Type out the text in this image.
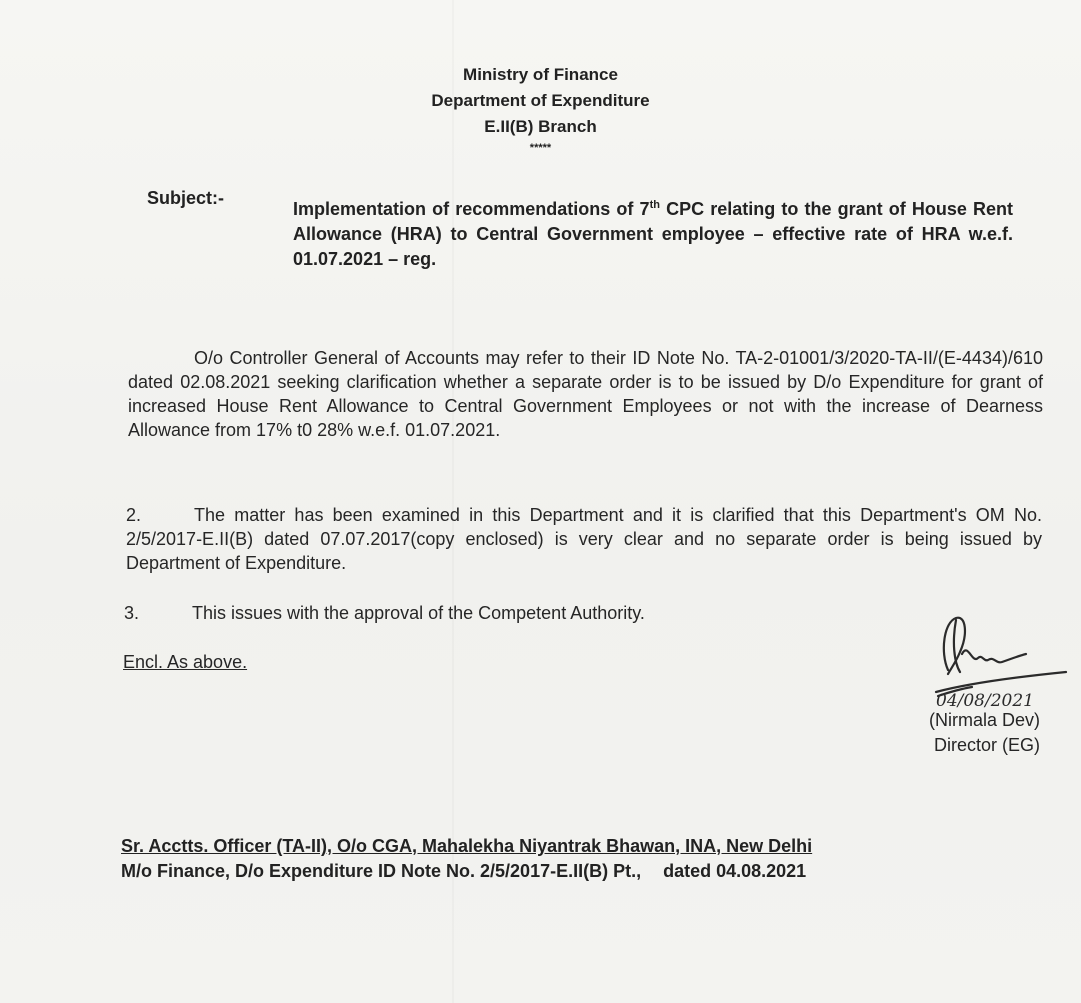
Ministry of Finance
Department of Expenditure
E.II(B) Branch
*****
Subject:-
Implementation of recommendations of 7th CPC relating to the grant of House Rent Allowance (HRA) to Central Government employee – effective rate of HRA w.e.f. 01.07.2021 – reg.
O/o Controller General of Accounts may refer to their ID Note No. TA-2-01001/3/2020-TA-II/(E-4434)/610 dated 02.08.2021 seeking clarification whether a separate order is to be issued by D/o Expenditure for grant of increased House Rent Allowance to Central Government Employees or not with the increase of Dearness Allowance from 17% t0 28% w.e.f. 01.07.2021.
2.	The matter has been examined in this Department and it is clarified that this Department's OM No. 2/5/2017-E.II(B) dated 07.07.2017(copy enclosed) is very clear and no separate order is being issued by Department of Expenditure.
3.	This issues with the approval of the Competent Authority.
Encl. As above.
04/08/2021
(Nirmala Dev)
Director (EG)
Sr. Acctts. Officer (TA-II), O/o CGA, Mahalekha Niyantrak Bhawan, INA, New Delhi
M/o Finance, D/o Expenditure ID Note No. 2/5/2017-E.II(B) Pt., dated 04.08.2021
